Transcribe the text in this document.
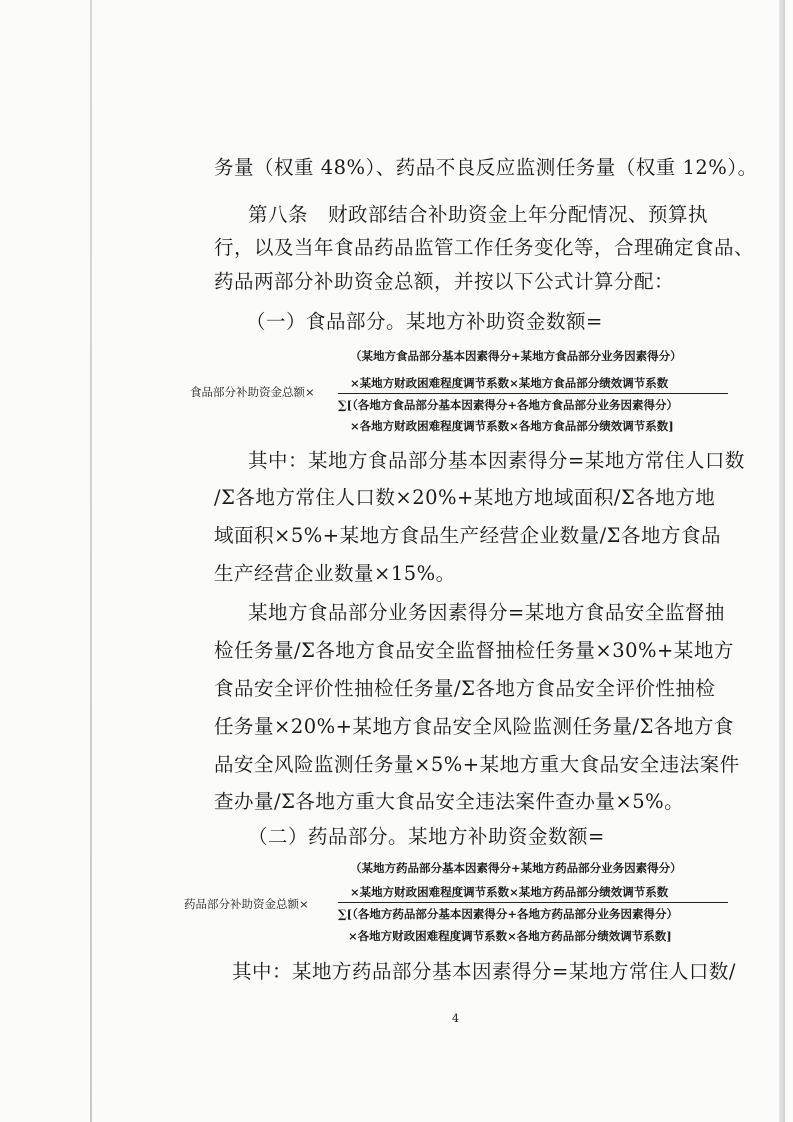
务量（权重 48%）、药品不良反应监测任务量（权重 12%）。
第八条　财政部结合补助资金上年分配情况、预算执
行，以及当年食品药品监管工作任务变化等，合理确定食品、
药品两部分补助资金总额，并按以下公式计算分配：
（一）食品部分。某地方补助资金数额=
（某地方食品部分基本因素得分+某地方食品部分业务因素得分）
食品部分补助资金总额×
×某地方财政困难程度调节系数×某地方食品部分绩效调节系数
∑[（各地方食品部分基本因素得分+各地方食品部分业务因素得分）
×各地方财政困难程度调节系数×各地方食品部分绩效调节系数]
其中：某地方食品部分基本因素得分=某地方常住人口数
/Σ各地方常住人口数×20%+某地方地域面积/Σ各地方地
域面积×5%+某地方食品生产经营企业数量/Σ各地方食品
生产经营企业数量×15%。
某地方食品部分业务因素得分=某地方食品安全监督抽
检任务量/Σ各地方食品安全监督抽检任务量×30%+某地方
食品安全评价性抽检任务量/Σ各地方食品安全评价性抽检
任务量×20%+某地方食品安全风险监测任务量/Σ各地方食
品安全风险监测任务量×5%+某地方重大食品安全违法案件
查办量/Σ各地方重大食品安全违法案件查办量×5%。
（二）药品部分。某地方补助资金数额=
（某地方药品部分基本因素得分+某地方药品部分业务因素得分）
药品部分补助资金总额×
×某地方财政困难程度调节系数×某地方药品部分绩效调节系数
∑[（各地方药品部分基本因素得分+各地方药品部分业务因素得分）
×各地方财政困难程度调节系数×各地方药品部分绩效调节系数]
其中：某地方药品部分基本因素得分=某地方常住人口数/
4
